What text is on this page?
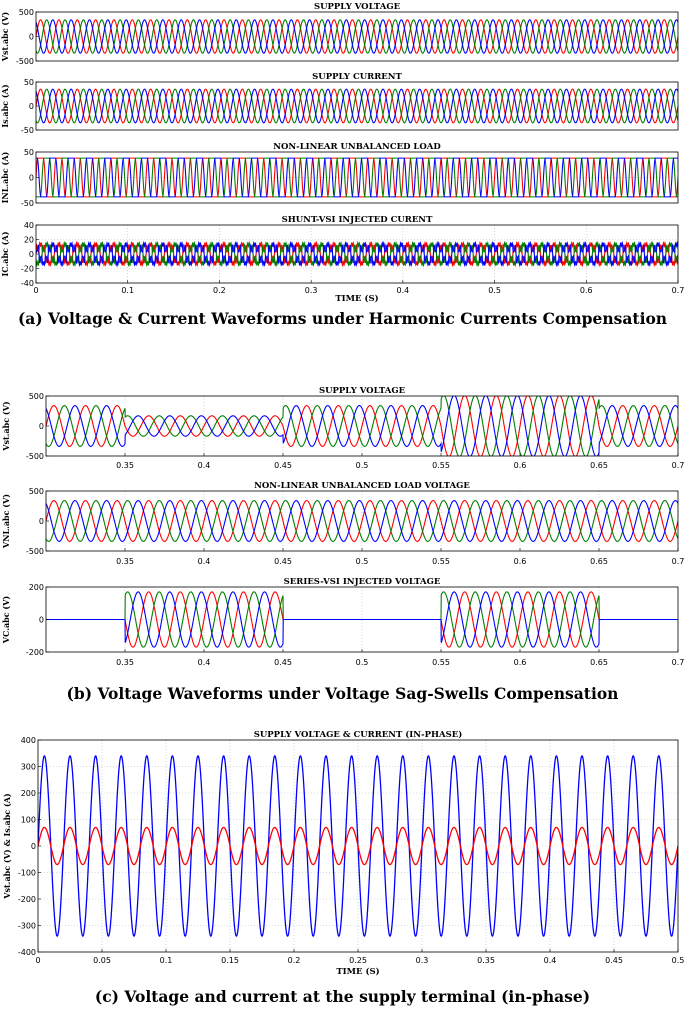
SUPPLY VOLTAGE
-500
0
500
Vst.abc (V)
SUPPLY CURRENT
-50
0
50
Is.abc (A)
NON-LINEAR UNBALANCED LOAD
-50
0
50
INL.abc (A)
SHUNT-VSI INJECTED CURENT
-40
-20
0
20
40
0	0.1	0.2	0.3	0.4	0.5	0.6	0.7
IC.abc (A)
TIME (S)
SUPPLY VOLTAGE
-500
0
500
0.35	0.4	0.45	0.5	0.55	0.6	0.65	0.7
Vst.abc (V)
NON-LINEAR UNBALANCED LOAD VOLTAGE
-500
0
500
0.35	0.4	0.45	0.5	0.55	0.6	0.65	0.7
VNL.abc (V)
SERIES-VSI INJECTED VOLTAGE
-200
0
200
0.35	0.4	0.45	0.5	0.55	0.6	0.65	0.7
VC.abc (V)
SUPPLY VOLTAGE & CURRENT (IN-PHASE)
-400
-300
-200
-100
0
100
200
300
400
0	0.05	0.1	0.15	0.2	0.25	0.3	0.35	0.4	0.45	0.5
Vst.abc (V) & Is.abc (A)
TIME (S)
(a) Voltage & Current Waveforms under Harmonic Currents Compensation
(b) Voltage Waveforms under Voltage Sag-Swells Compensation
(c) Voltage and current at the supply terminal (in-phase)
